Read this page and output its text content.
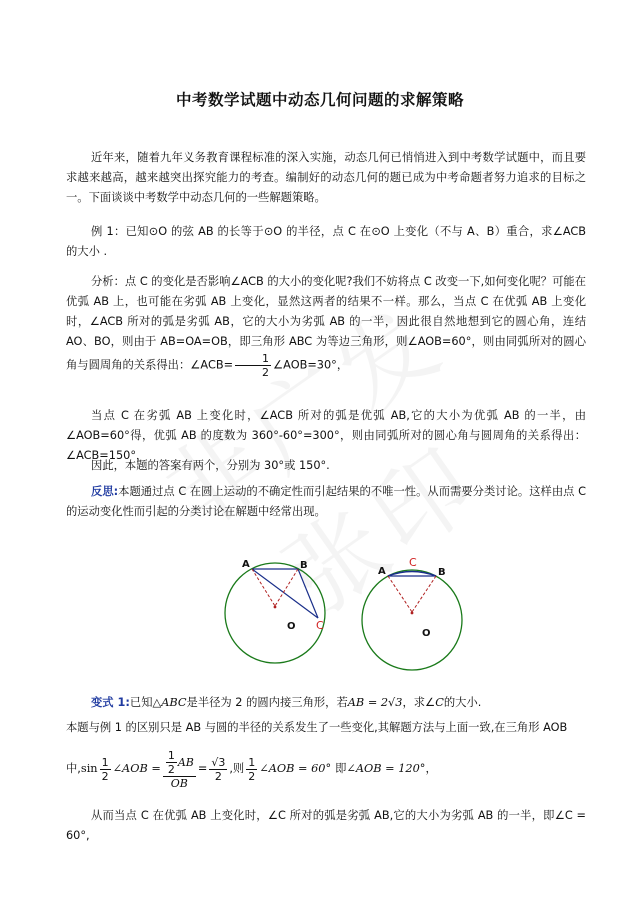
中考数学试题中动态几何问题的求解策略
近年来，随着九年义务教育课程标准的深入实施，动态几何已悄悄进入到中考数学试题中，而且要求越来越高，越来越突出探究能力的考查。编制好的动态几何的题已成为中考命题者努力追求的目标之一。下面谈谈中考数学中动态几何的一些解题策略。
例 1：已知⊙O 的弦 AB 的长等于⊙O 的半径，点 C 在⊙O 上变化（不与 A、B）重合，求∠ACB 的大小 .
分析：点 C 的变化是否影响∠ACB 的大小的变化呢?我们不妨将点 C 改变一下,如何变化呢？可能在优弧 AB 上，也可能在劣弧 AB 上变化，显然这两者的结果不一样。那么，当点 C 在优弧 AB 上变化时，∠ACB 所对的弧是劣弧 AB，它的大小为劣弧 AB 的一半，因此很自然地想到它的圆心角，连结 AO、BO，则由于 AB=OA=OB，即三角形 ABC 为等边三角形，则∠AOB=60°，则由同弧所对的圆心角与圆周角的关系得出：∠ACB= $\frac{1}{2}$ ∠AOB=30°，
当点 C 在劣弧 AB 上变化时，∠ACB 所对的弧是优弧 AB,它的大小为优弧 AB 的一半，由∠AOB=60°得，优弧 AB 的度数为 360°-60°=300°，则由同弧所对的圆心角与圆周角的关系得出：∠ACB=150°，
因此，本题的答案有两个，分别为 30°或 150°.
反思:本题通过点 C 在圆上运动的不确定性而引起结果的不唯一性。从而需要分类讨论。这样由点 C 的运动变化性而引起的分类讨论在解题中经常出现。
A	B
C
O
A	B
C
O
变式 1:已知△ABC是半径为 2 的圆内接三角形，若AB = 2√3，求∠C的大小.
本题与例 1 的区别只是 AB 与圆的半径的关系发生了一些变化,其解题方法与上面一致,在三角形 AOB
中, $\sin \frac{1}{2}$ ∠AOB = $\frac{\frac{1}{2} AB}{OB} = \frac{√3}{2}$ ,则 $\frac{1}{2}$ ∠AOB = 60° 即 ∠AOB = 120° ，
从而当点 C 在优弧 AB 上变化时，∠C 所对的弧是劣弧 AB,它的大小为劣弧 AB 的一半，即∠C = 60°,
